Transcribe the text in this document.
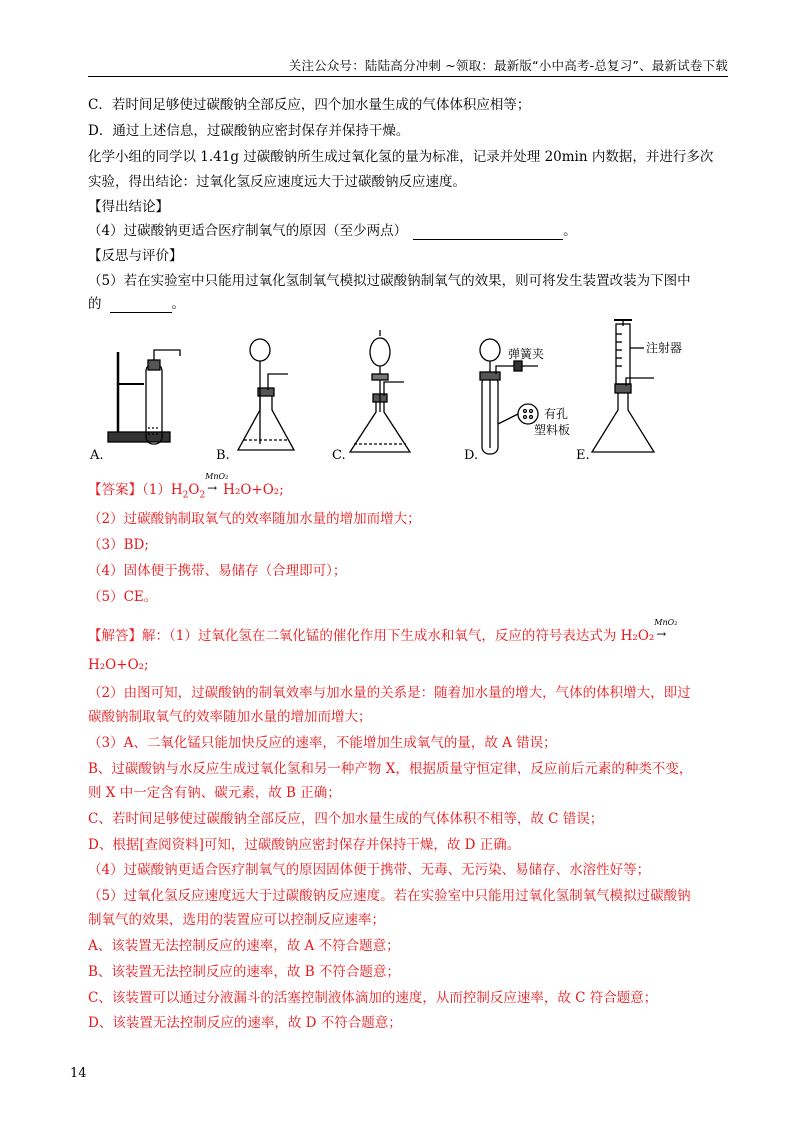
关注公众号：陆陆高分冲刺 ~领取：最新版“小中高考-总复习”、最新试卷下载
C．若时间足够使过碳酸钠全部反应，四个加水量生成的气体体积应相等；
D．通过上述信息，过碳酸钠应密封保存并保持干燥。
化学小组的同学以 1.41g 过碳酸钠所生成过氧化氢的量为标准，记录并处理 20min 内数据，并进行多次
实验，得出结论：过氧化氢反应速度远大于过碳酸钠反应速度。
【得出结论】
（4）过碳酸钠更适合医疗制氧气的原因（至少两点）	。
【反思与评价】
（5）若在实验室中只能用过氧化氢制氧气模拟过碳酸钠制氧气的效果，则可将发生装置改装为下图中
的	。
A.	B.	C.	D.	E.
弹簧夹
有孔
塑料板
注射器
【答案】$(1)H_2O_2$
MnO₂
→ H₂O+O₂;
（2）过碳酸钠制取氧气的效率随加水量的增加而增大；
（3）BD;
（4）固体便于携带、易储存（合理即可）；
（5）CE。
【解答】解：（1）过氧化氢在二氧化锰的催化作用下生成水和氧气，反应的符号表达式为 H₂O₂
MnO₂
→
H₂O+O₂;
（2）由图可知，过碳酸钠的制氧效率与加水量的关系是：随着加水量的增大，气体的体积增大，即过
碳酸钠制取氧气的效率随加水量的增加而增大；
（3）A、二氧化锰只能加快反应的速率，不能增加生成氧气的量，故 A 错误；
B、过碳酸钠与水反应生成过氧化氢和另一种产物 X，根据质量守恒定律，反应前后元素的种类不变，
则 X 中一定含有钠、碳元素，故 B 正确；
C、若时间足够使过碳酸钠全部反应，四个加水量生成的气体体积不相等，故 C 错误；
D、根据[查阅资料]可知，过碳酸钠应密封保存并保持干燥，故 D 正确。
（4）过碳酸钠更适合医疗制氧气的原因固体便于携带、无毒、无污染、易储存、水溶性好等；
（5）过氧化氢反应速度远大于过碳酸钠反应速度。若在实验室中只能用过氧化氢制氧气模拟过碳酸钠
制氧气的效果，选用的装置应可以控制反应速率；
A、该装置无法控制反应的速率，故 A 不符合题意；
B、该装置无法控制反应的速率，故 B 不符合题意；
C、该装置可以通过分液漏斗的活塞控制液体滴加的速度，从而控制反应速率，故 C 符合题意；
D、该装置无法控制反应的速率，故 D 不符合题意；
14
